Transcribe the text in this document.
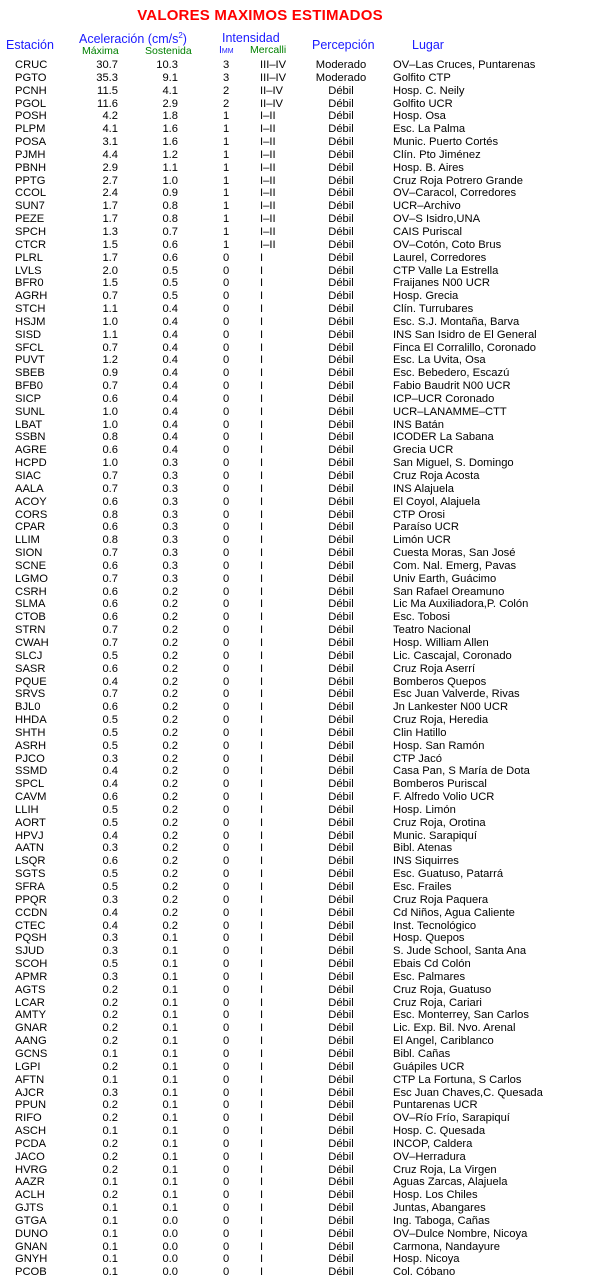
VALORES MAXIMOS ESTIMADOS
Estación Aceleración $(cm/s^2)$
Máxima Sostenida
Intensidad
IMM Mercalli Percepción	Lugar
CRUC	30.7	10.3	3	III–IV	Moderado	OV–Las Cruces, Puntarenas
PGTO	35.3	9.1	3	III–IV	Moderado	Golfito CTP
PCNH	11.5	4.1	2	II–IV	Débil	Hosp. C. Neily
PGOL	11.6	2.9	2	II–IV	Débil	Golfito UCR
POSH	4.2	1.8	1	I–II	Débil	Hosp. Osa
PLPM	4.1	1.6	1	I–II	Débil	Esc. La Palma
POSA	3.1	1.6	1	I–II	Débil	Munic. Puerto Cortés
PJMH	4.4	1.2	1	I–II	Débil	Clín. Pto Jiménez
PBNH	2.9	1.1	1	I–II	Débil	Hosp. B. Aires
PPTG	2.7	1.0	1	I–II	Débil	Cruz Roja Potrero Grande
CCOL	2.4	0.9	1	I–II	Débil	OV–Caracol, Corredores
SUN7	1.7	0.8	1	I–II	Débil	UCR–Archivo
PEZE	1.7	0.8	1	I–II	Débil	OV–S Isidro,UNA
SPCH	1.3	0.7	1	I–II	Débil	CAIS Puriscal
CTCR	1.5	0.6	1	I–II	Débil	OV–Cotón, Coto Brus
PLRL	1.7	0.6	0	I	Débil	Laurel, Corredores
LVLS	2.0	0.5	0	I	Débil	CTP Valle La Estrella
BFR0	1.5	0.5	0	I	Débil	Fraijanes N00 UCR
AGRH	0.7	0.5	0	I	Débil	Hosp. Grecia
STCH	1.1	0.4	0	I	Débil	Clín. Turrubares
HSJM	1.0	0.4	0	I	Débil	Esc. S.J. Montaña, Barva
SISD	1.1	0.4	0	I	Débil	INS San Isidro de El General
SFCL	0.7	0.4	0	I	Débil	Finca El Corralillo, Coronado
PUVT	1.2	0.4	0	I	Débil	Esc. La Uvita, Osa
SBEB	0.9	0.4	0	I	Débil	Esc. Bebedero, Escazú
BFB0	0.7	0.4	0	I	Débil	Fabio Baudrit N00 UCR
SICP	0.6	0.4	0	I	Débil	ICP–UCR Coronado
SUNL	1.0	0.4	0	I	Débil	UCR–LANAMME–CTT
LBAT	1.0	0.4	0	I	Débil	INS Batán
SSBN	0.8	0.4	0	I	Débil	ICODER La Sabana
AGRE	0.6	0.4	0	I	Débil	Grecia UCR
HCPD	1.0	0.3	0	I	Débil	San Miguel, S. Domingo
SIAC	0.7	0.3	0	I	Débil	Cruz Roja Acosta
AALA	0.7	0.3	0	I	Débil	INS Alajuela
ACOY	0.6	0.3	0	I	Débil	El Coyol, Alajuela
CORS	0.8	0.3	0	I	Débil	CTP Orosi
CPAR	0.6	0.3	0	I	Débil	Paraíso UCR
LLIM	0.8	0.3	0	I	Débil	Limón UCR
SION	0.7	0.3	0	I	Débil	Cuesta Moras, San José
SCNE	0.6	0.3	0	I	Débil	Com. Nal. Emerg, Pavas
LGMO	0.7	0.3	0	I	Débil	Univ Earth, Guácimo
CSRH	0.6	0.2	0	I	Débil	San Rafael Oreamuno
SLMA	0.6	0.2	0	I	Débil	Lic Ma Auxiliadora,P. Colón
CTOB	0.6	0.2	0	I	Débil	Esc. Tobosi
STRN	0.7	0.2	0	I	Débil	Teatro Nacional
CWAH	0.7	0.2	0	I	Débil	Hosp. William Allen
SLCJ	0.5	0.2	0	I	Débil	Lic. Cascajal, Coronado
SASR	0.6	0.2	0	I	Débil	Cruz Roja Aserrí
PQUE	0.4	0.2	0	I	Débil	Bomberos Quepos
SRVS	0.7	0.2	0	I	Débil	Esc Juan Valverde, Rivas
BJL0	0.6	0.2	0	I	Débil	Jn Lankester N00 UCR
HHDA	0.5	0.2	0	I	Débil	Cruz Roja, Heredia
SHTH	0.5	0.2	0	I	Débil	Clin Hatillo
ASRH	0.5	0.2	0	I	Débil	Hosp. San Ramón
PJCO	0.3	0.2	0	I	Débil	CTP Jacó
SSMD	0.4	0.2	0	I	Débil	Casa Pan, S María de Dota
SPCL	0.4	0.2	0	I	Débil	Bomberos Puriscal
CAVM	0.6	0.2	0	I	Débil	F. Alfredo Volio UCR
LLIH	0.5	0.2	0	I	Débil	Hosp. Limón
AORT	0.5	0.2	0	I	Débil	Cruz Roja, Orotina
HPVJ	0.4	0.2	0	I	Débil	Munic. Sarapiquí
AATN	0.3	0.2	0	I	Débil	Bibl. Atenas
LSQR	0.6	0.2	0	I	Débil	INS Siquirres
SGTS	0.5	0.2	0	I	Débil	Esc. Guatuso, Patarrá
SFRA	0.5	0.2	0	I	Débil	Esc. Frailes
PPQR	0.3	0.2	0	I	Débil	Cruz Roja Paquera
CCDN	0.4	0.2	0	I	Débil	Cd Niños, Agua Caliente
CTEC	0.4	0.2	0	I	Débil	Inst. Tecnológico
PQSH	0.3	0.1	0	I	Débil	Hosp. Quepos
SJUD	0.3	0.1	0	I	Débil	S. Jude School, Santa Ana
SCOH	0.5	0.1	0	I	Débil	Ebais Cd Colón
APMR	0.3	0.1	0	I	Débil	Esc. Palmares
AGTS	0.2	0.1	0	I	Débil	Cruz Roja, Guatuso
LCAR	0.2	0.1	0	I	Débil	Cruz Roja, Cariari
AMTY	0.2	0.1	0	I	Débil	Esc. Monterrey, San Carlos
GNAR	0.2	0.1	0	I	Débil	Lic. Exp. Bil. Nvo. Arenal
AANG	0.2	0.1	0	I	Débil	El Angel, Cariblanco
GCNS	0.1	0.1	0	I	Débil	Bibl. Cañas
LGPI	0.2	0.1	0	I	Débil	Guápiles UCR
AFTN	0.1	0.1	0	I	Débil	CTP La Fortuna, S Carlos
AJCR	0.3	0.1	0	I	Débil	Esc Juan Chaves,C. Quesada
PPUN	0.2	0.1	0	I	Débil	Puntarenas UCR
RIFO	0.2	0.1	0	I	Débil	OV–Río Frío, Sarapiquí
ASCH	0.1	0.1	0	I	Débil	Hosp. C. Quesada
PCDA	0.2	0.1	0	I	Débil	INCOP, Caldera
JACO	0.2	0.1	0	I	Débil	OV–Herradura
HVRG	0.2	0.1	0	I	Débil	Cruz Roja, La Virgen
AAZR	0.1	0.1	0	I	Débil	Aguas Zarcas, Alajuela
ACLH	0.2	0.1	0	I	Débil	Hosp. Los Chiles
GJTS	0.1	0.1	0	I	Débil	Juntas, Abangares
GTGA	0.1	0.0	0	I	Débil	Ing. Taboga, Cañas
DUNO	0.1	0.0	0	I	Débil	OV–Dulce Nombre, Nicoya
GNAN	0.1	0.0	0	I	Débil	Carmona, Nandayure
GNYH	0.1	0.0	0	I	Débil	Hosp. Nicoya
PCOB	0.1	0.0	0	I	Débil	Col. Cóbano
